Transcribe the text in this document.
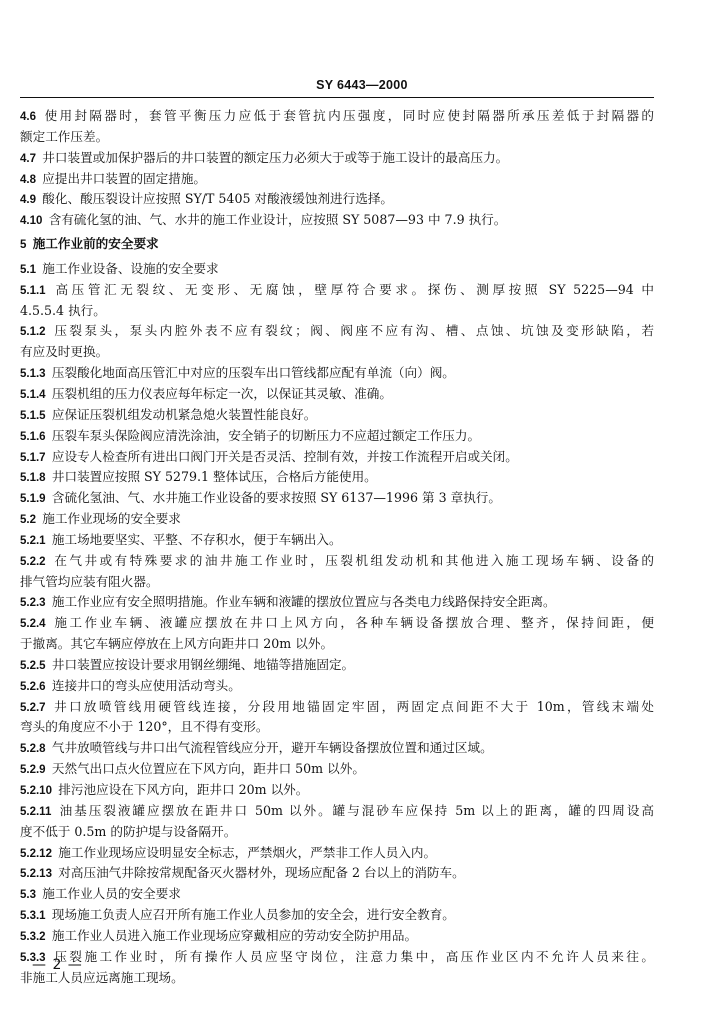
SY 6443—2000
4.6  使用封隔器时，套管平衡压力应低于套管抗内压强度，同时应使封隔器所承压差低于封隔器的
额定工作压差。
4.7  井口装置或加保护器后的井口装置的额定压力必须大于或等于施工设计的最高压力。
4.8  应提出井口装置的固定措施。
4.9  酸化、酸压裂设计应按照 SY/T 5405 对酸液缓蚀剂进行选择。
4.10  含有硫化氢的油、气、水井的施工作业设计，应按照 SY 5087—93 中 7.9 执行。
5  施工作业前的安全要求
5.1  施工作业设备、设施的安全要求
5.1.1  高压管汇无裂纹、无变形、无腐蚀，壁厚符合要求。探伤、测厚按照 SY 5225—94 中
4.5.5.4 执行。
5.1.2  压裂泵头，泵头内腔外表不应有裂纹；阀、阀座不应有沟、槽、点蚀、坑蚀及变形缺陷，若
有应及时更换。
5.1.3  压裂酸化地面高压管汇中对应的压裂车出口管线都应配有单流（向）阀。
5.1.4  压裂机组的压力仪表应每年标定一次，以保证其灵敏、准确。
5.1.5  应保证压裂机组发动机紧急熄火装置性能良好。
5.1.6  压裂车泵头保险阀应清洗涂油，安全销子的切断压力不应超过额定工作压力。
5.1.7  应设专人检查所有进出口阀门开关是否灵活、控制有效，并按工作流程开启或关闭。
5.1.8  井口装置应按照 SY 5279.1 整体试压，合格后方能使用。
5.1.9  含硫化氢油、气、水井施工作业设备的要求按照 SY 6137—1996 第 3 章执行。
5.2  施工作业现场的安全要求
5.2.1  施工场地要坚实、平整、不存积水，便于车辆出入。
5.2.2  在气井或有特殊要求的油井施工作业时，压裂机组发动机和其他进入施工现场车辆、设备的
排气管均应装有阻火器。
5.2.3  施工作业应有安全照明措施。作业车辆和液罐的摆放位置应与各类电力线路保持安全距离。
5.2.4  施工作业车辆、液罐应摆放在井口上风方向，各种车辆设备摆放合理、整齐，保持间距，便
于撤离。其它车辆应停放在上风方向距井口 20m 以外。
5.2.5  井口装置应按设计要求用钢丝绷绳、地锚等措施固定。
5.2.6  连接井口的弯头应使用活动弯头。
5.2.7  井口放喷管线用硬管线连接，分段用地锚固定牢固，两固定点间距不大于 10m，管线末端处
弯头的角度应不小于 120°，且不得有变形。
5.2.8  气井放喷管线与井口出气流程管线应分开，避开车辆设备摆放位置和通过区域。
5.2.9  天然气出口点火位置应在下风方向，距井口 50m 以外。
5.2.10  排污池应设在下风方向，距井口 20m 以外。
5.2.11  油基压裂液罐应摆放在距井口 50m 以外。罐与混砂车应保持 5m 以上的距离，罐的四周设高
度不低于 0.5m 的防护堤与设备隔开。
5.2.12  施工作业现场应设明显安全标志，严禁烟火，严禁非工作人员入内。
5.2.13  对高压油气井除按常规配备灭火器材外，现场应配备 2 台以上的消防车。
5.3  施工作业人员的安全要求
5.3.1  现场施工负责人应召开所有施工作业人员参加的安全会，进行安全教育。
5.3.2  施工作业人员进入施工作业现场应穿戴相应的劳动安全防护用品。
5.3.3  压裂施工作业时，所有操作人员应坚守岗位，注意力集中，高压作业区内不允许人员来往。
非施工人员应远离施工现场。
— 2 —
